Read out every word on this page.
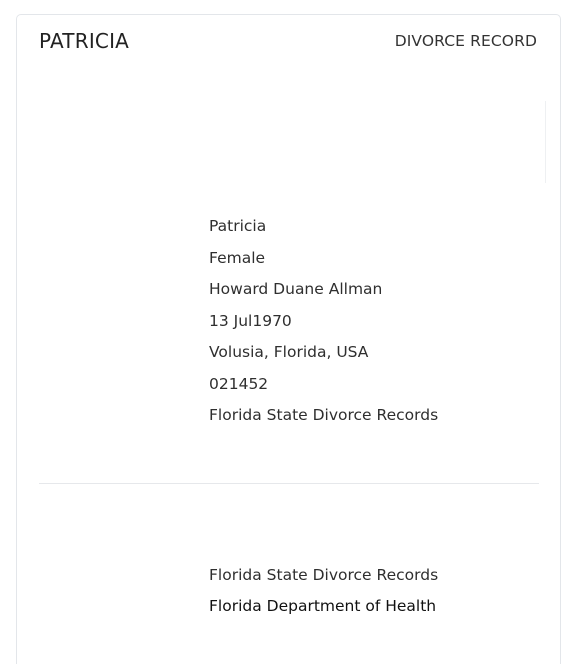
PATRICIA	DIVORCE RECORD
Patricia
Female
Howard Duane Allman
13 Jul1970
Volusia, Florida, USA
021452
Florida State Divorce Records
Florida State Divorce Records
Florida Department of Health
